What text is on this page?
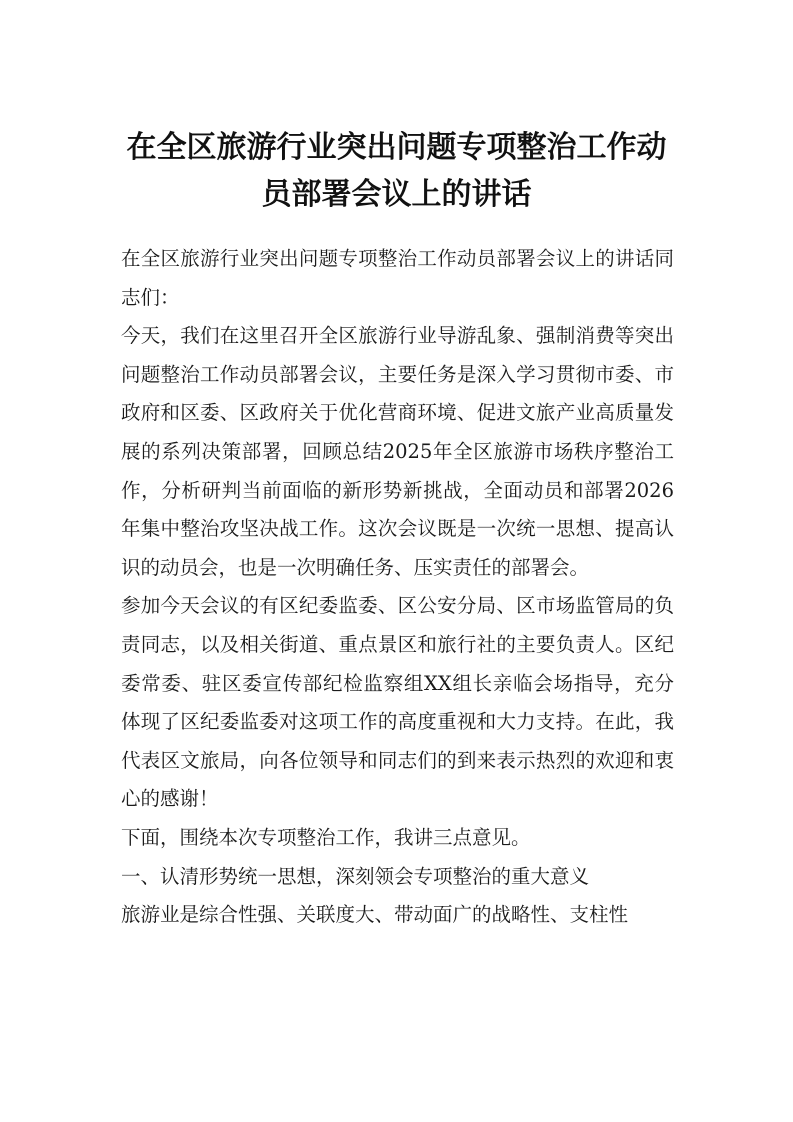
在全区旅游行业突出问题专项整治工作动员部署会议上的讲话

在全区旅游行业突出问题专项整治工作动员部署会议上的讲话同志们：

今天，我们在这里召开全区旅游行业导游乱象、强制消费等突出问题整治工作动员部署会议，主要任务是深入学习贯彻市委、市政府和区委、区政府关于优化营商环境、促进文旅产业高质量发展的系列决策部署，回顾总结2025年全区旅游市场秩序整治工作，分析研判当前面临的新形势新挑战，全面动员和部署2026年集中整治攻坚决战工作。这次会议既是一次统一思想、提高认识的动员会，也是一次明确任务、压实责任的部署会。

参加今天会议的有区纪委监委、区公安分局、区市场监管局的负责同志，以及相关街道、重点景区和旅行社的主要负责人。区纪委常委、驻区委宣传部纪检监察组XX组长亲临会场指导，充分体现了区纪委监委对这项工作的高度重视和大力支持。在此，我代表区文旅局，向各位领导和同志们的到来表示热烈的欢迎和衷心的感谢！

下面，围绕本次专项整治工作，我讲三点意见。

一、认清形势统一思想，深刻领会专项整治的重大意义

旅游业是综合性强、关联度大、带动面广的战略性、支柱性
